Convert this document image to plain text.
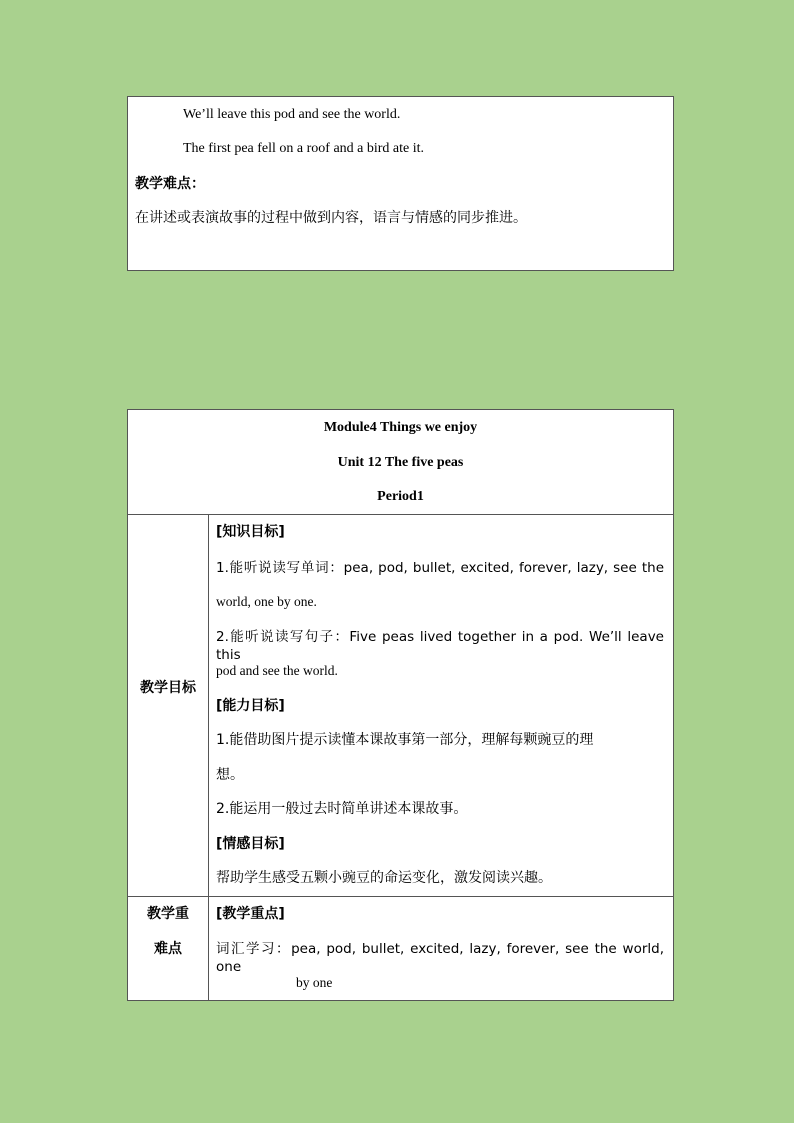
We’ll leave this pod and see the world.
The first pea fell on a roof and a bird ate it.
教学难点：
在讲述或表演故事的过程中做到内容，语言与情感的同步推进。
Module4 Things we enjoy
Unit 12 The five peas
Period1
教学目标
[知识目标]
1.能听说读写单词：pea, pod, bullet, excited, forever, lazy, see the
world, one by one.
2.能听说读写句子：Five peas lived together in a pod. We’ll leave this
pod and see the world.
[能力目标]
1.能借助图片提示读懂本课故事第一部分，理解每颗豌豆的理
想。
2.能运用一般过去时简单讲述本课故事。
[情感目标]
帮助学生感受五颗小豌豆的命运变化，激发阅读兴趣。
教学重
难点
[教学重点]
词汇学习：pea, pod, bullet, excited, lazy, forever, see the world, one
by one
